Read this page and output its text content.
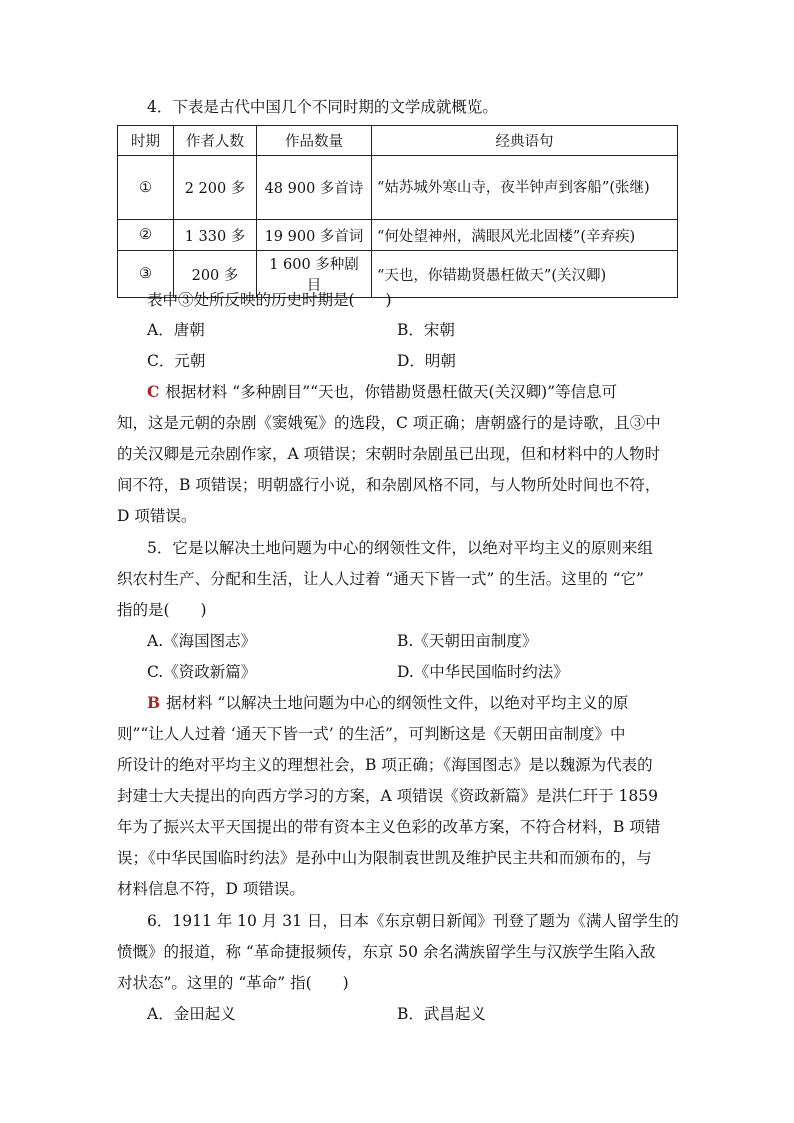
4．下表是古代中国几个不同时期的文学成就概览。
时期	作者人数	作品数量	经典语句
①	2 200 多	48 900 多首诗	“姑苏城外寒山寺，夜半钟声到客船”(张继)
②	1 330 多	19 900 多首词	“何处望神州，满眼风光北固楼”(辛弃疾)
③	200 多	1 600 多种剧目	“天也，你错勘贤愚枉做天”(关汉卿)
表中③处所反映的历史时期是(　　)
A．唐朝	B．宋朝
C．元朝	D．明朝
C 根据材料 “多种剧目”“天也，你错勘贤愚枉做天(关汉卿)”等信息可
知，这是元朝的杂剧《窦娥冤》的选段，C 项正确；唐朝盛行的是诗歌，且③中
的关汉卿是元杂剧作家，A 项错误；宋朝时杂剧虽已出现，但和材料中的人物时
间不符，B 项错误；明朝盛行小说，和杂剧风格不同，与人物所处时间也不符，
D 项错误。
5．它是以解决土地问题为中心的纲领性文件，以绝对平均主义的原则来组
织农村生产、分配和生活，让人人过着 “通天下皆一式” 的生活。这里的 “它”
指的是(　　)
A.《海国图志》	B.《天朝田亩制度》
C.《资政新篇》	D.《中华民国临时约法》
B 据材料 “以解决土地问题为中心的纲领性文件，以绝对平均主义的原
则”“让人人过着 ‘通天下皆一式’ 的生活”，可判断这是《天朝田亩制度》中
所设计的绝对平均主义的理想社会，B 项正确；《海国图志》是以魏源为代表的
封建士大夫提出的向西方学习的方案，A 项错误《资政新篇》是洪仁玕于 1859
年为了振兴太平天国提出的带有资本主义色彩的改革方案，不符合材料，B 项错
误；《中华民国临时约法》是孙中山为限制袁世凯及维护民主共和而颁布的，与
材料信息不符，D 项错误。
6．1911 年 10 月 31 日，日本《东京朝日新闻》刊登了题为《满人留学生的
愤慨》的报道，称 “革命捷报频传，东京 50 余名满族留学生与汉族学生陷入敌
对状态”。这里的 “革命” 指(　　)
A．金田起义	B．武昌起义
